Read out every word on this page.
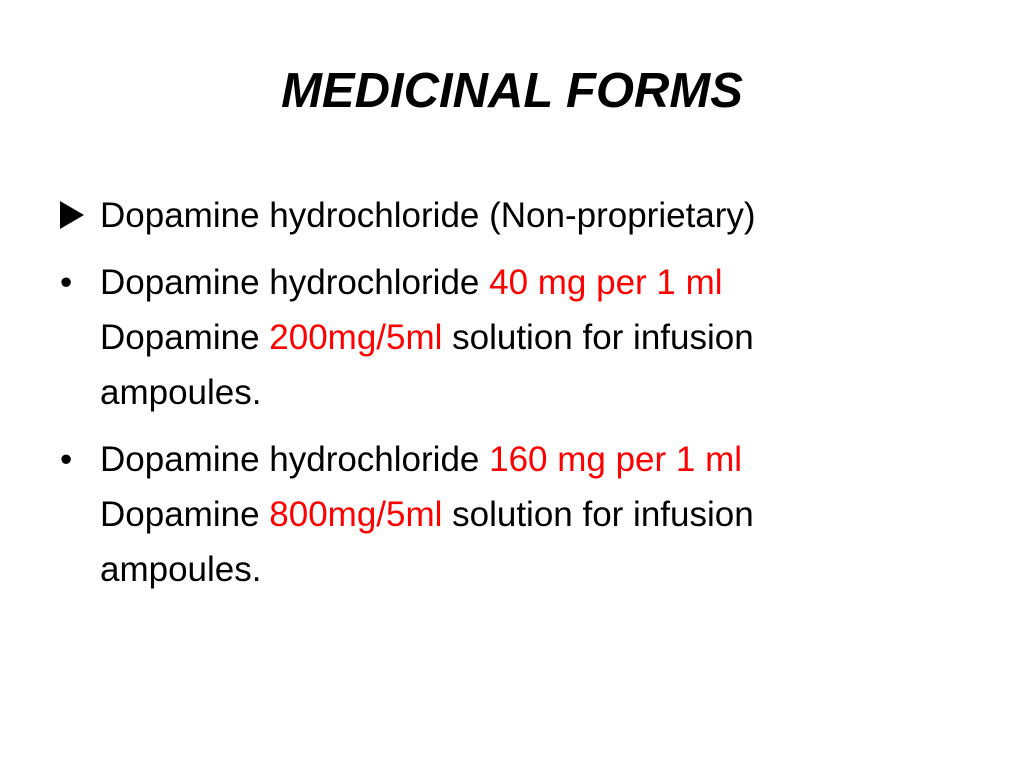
MEDICINAL FORMS
Dopamine hydrochloride (Non-proprietary)
• Dopamine hydrochloride 40 mg per 1 ml
Dopamine 200mg/5ml solution for infusion
ampoules.
• Dopamine hydrochloride 160 mg per 1 ml
Dopamine 800mg/5ml solution for infusion
ampoules.
